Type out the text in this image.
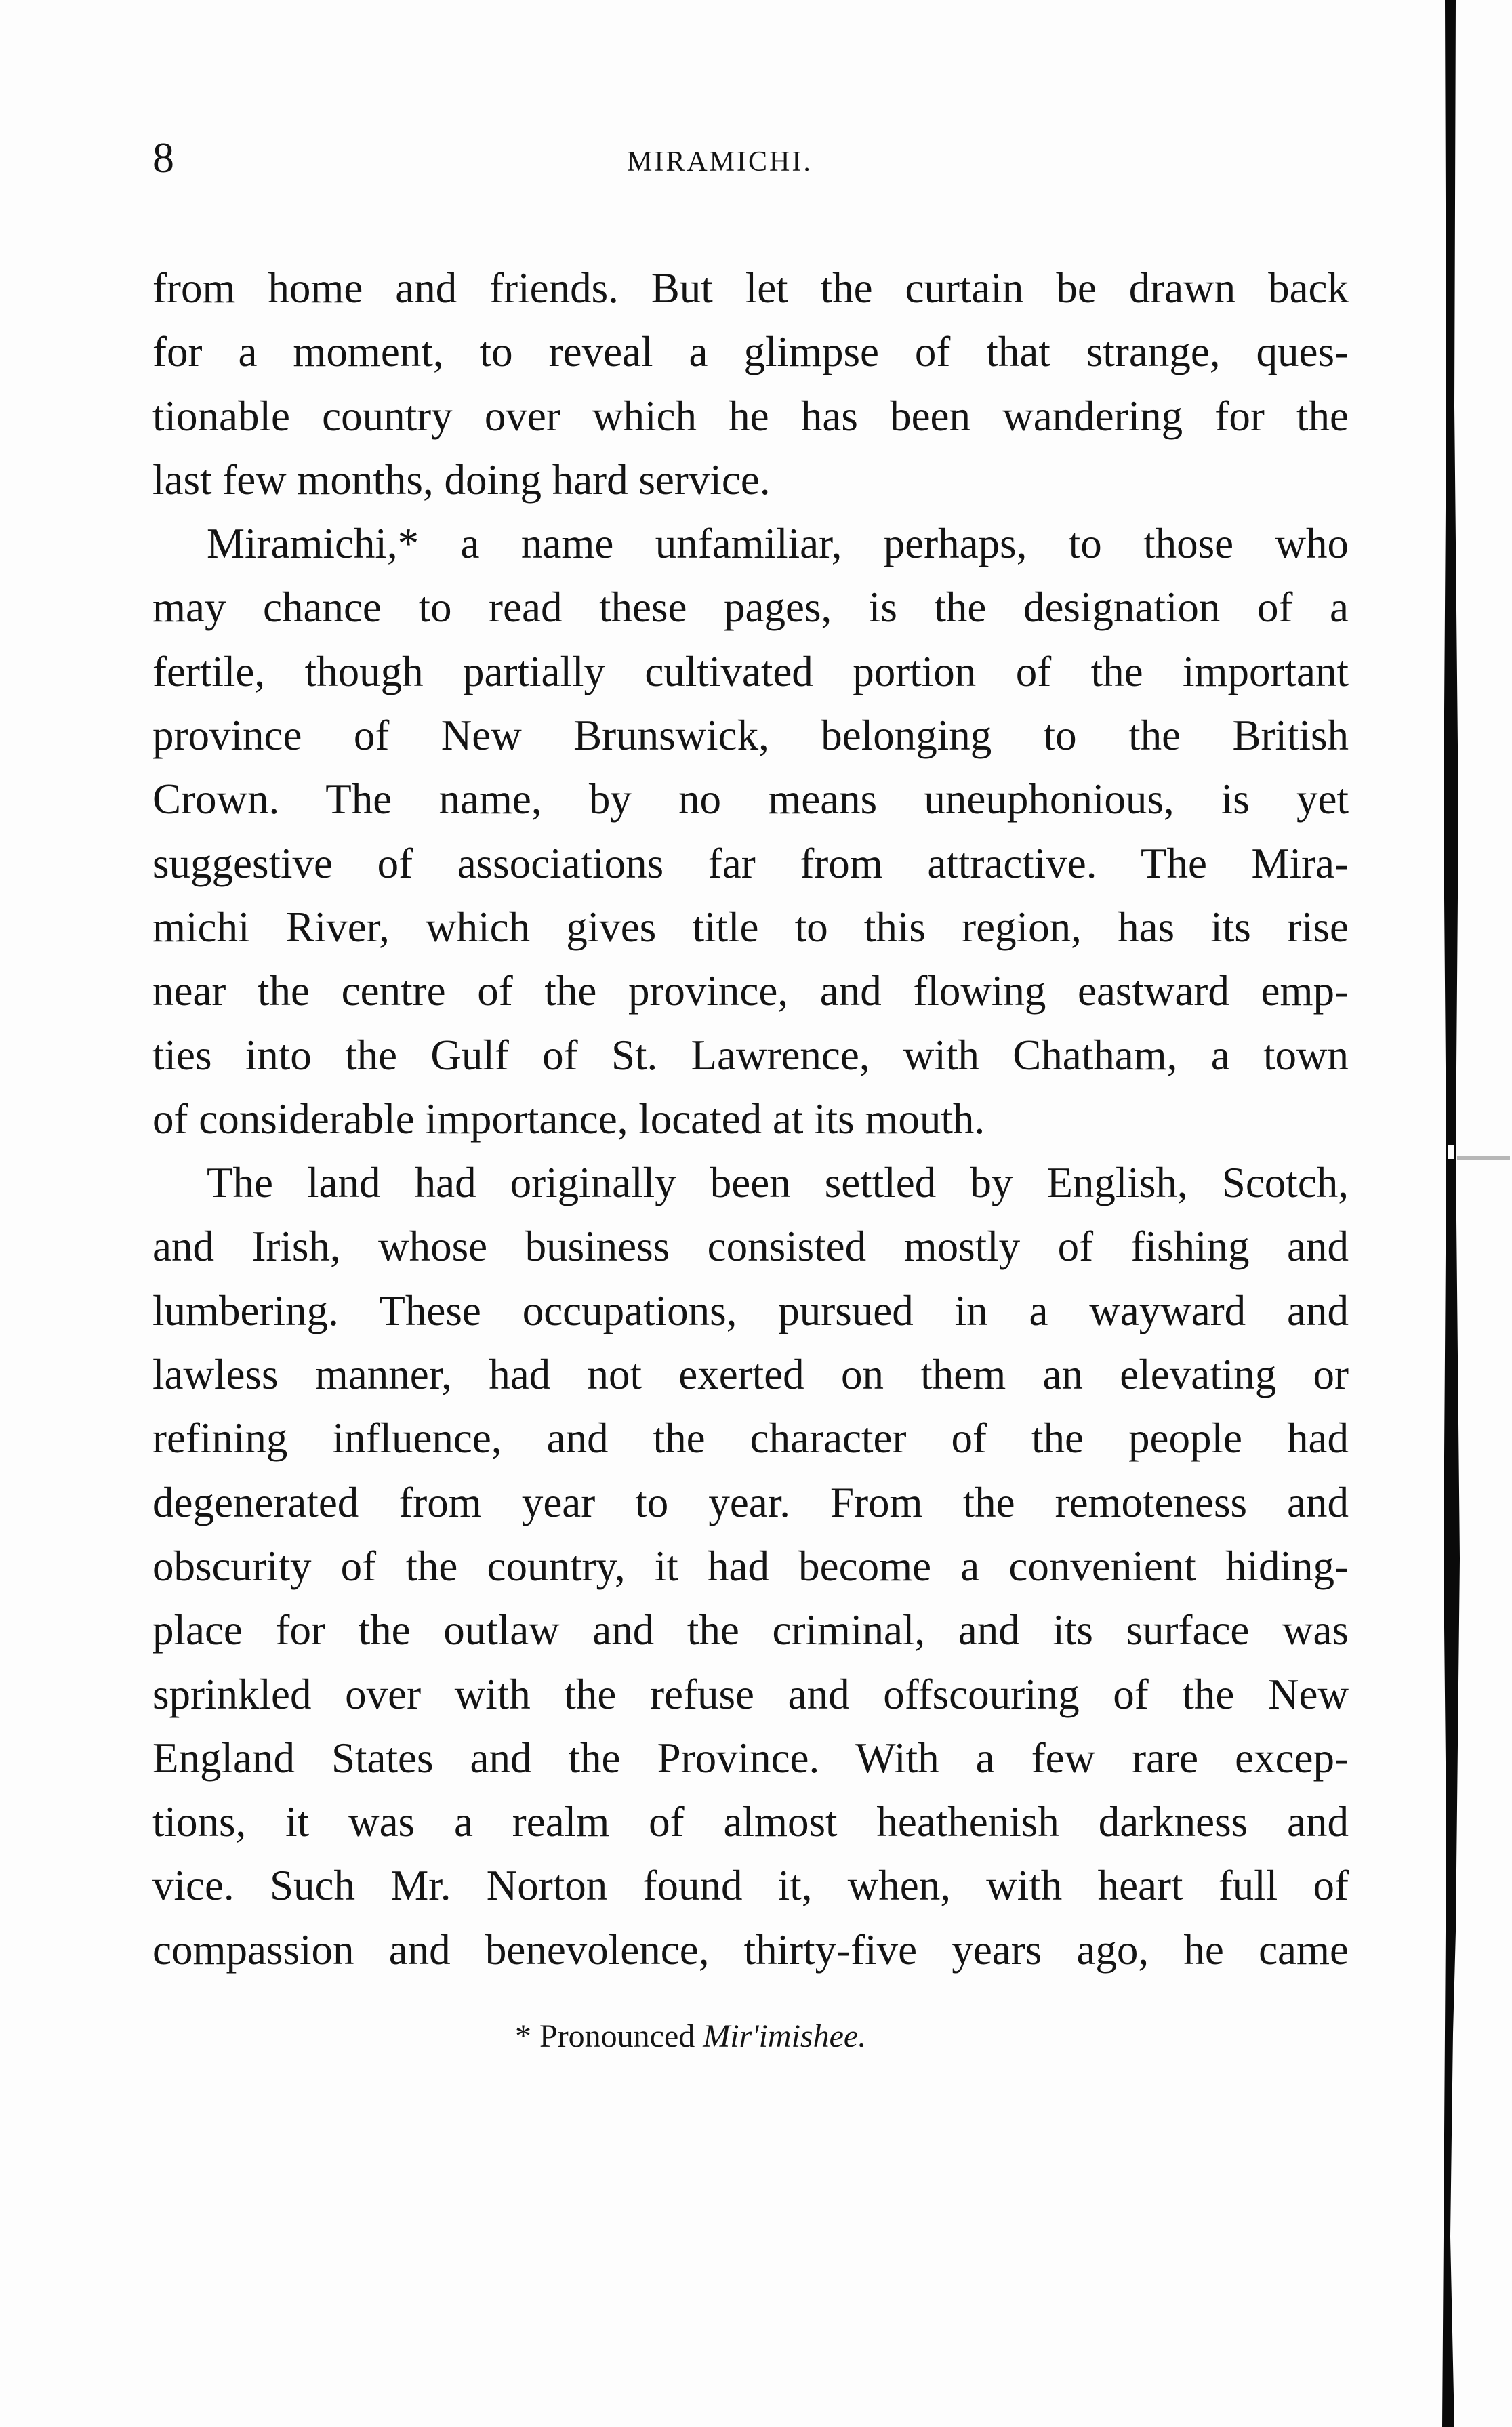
8	MIRAMICHI.
from home and friends. But let the curtain be drawn back
for a moment, to reveal a glimpse of that strange, ques-
tionable country over which he has been wandering for the
last few months, doing hard service.
Miramichi,* a name unfamiliar, perhaps, to those who
may chance to read these pages, is the designation of a
fertile, though partially cultivated portion of the important
province of New Brunswick, belonging to the British
Crown. The name, by no means uneuphonious, is yet
suggestive of associations far from attractive. The Mira-
michi River, which gives title to this region, has its rise
near the centre of the province, and flowing eastward emp-
ties into the Gulf of St. Lawrence, with Chatham, a town
of considerable importance, located at its mouth.
The land had originally been settled by English, Scotch,
and Irish, whose business consisted mostly of fishing and
lumbering. These occupations, pursued in a wayward and
lawless manner, had not exerted on them an elevating or
refining influence, and the character of the people had
degenerated from year to year. From the remoteness and
obscurity of the country, it had become a convenient hiding-
place for the outlaw and the criminal, and its surface was
sprinkled over with the refuse and offscouring of the New
England States and the Province. With a few rare excep-
tions, it was a realm of almost heathenish darkness and
vice. Such Mr. Norton found it, when, with heart full of
compassion and benevolence, thirty-five years ago, he came
* Pronounced Mir'imishee.
